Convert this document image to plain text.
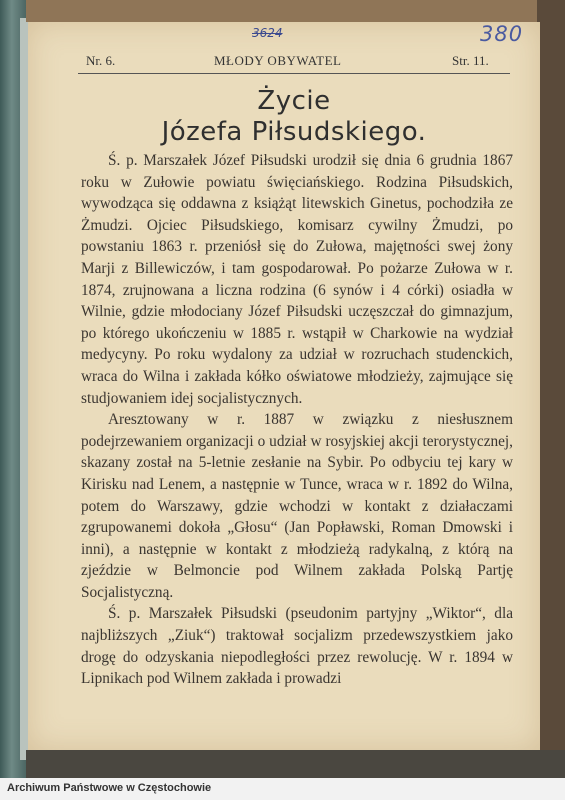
3624	380
Nr. 6.	MŁODY OBYWATEL	Str. 11.
Życie
Józefa Piłsudskiego.

Ś. p. Marszałek Józef Piłsudski urodził się dnia 6 grudnia 1867 roku w Zułowie powiatu święciańskiego. Rodzina Piłsudskich, wywodząca się oddawna z książąt litewskich Ginetus, pochodziła ze Żmudzi. Ojciec Piłsudskiego, komisarz cywilny Żmudzi, po powstaniu 1863 r. przeniósł się do Zułowa, majętności swej żony Marji z Billewiczów, i tam gospodarował. Po pożarze Zułowa w r. 1874, zrujnowana a liczna rodzina (6 synów i 4 córki) osiadła w Wilnie, gdzie młodociany Józef Piłsudski uczęszczał do gimnazjum, po którego ukończeniu w 1885 r. wstąpił w Charkowie na wydział medycyny. Po roku wydalony za udział w rozruchach studenckich, wraca do Wilna i zakłada kółko oświatowe młodzieży, zajmujące się studjowaniem idej socjalistycznych.

Aresztowany w r. 1887 w związku z niesłusznem podejrzewaniem organizacji o udział w rosyjskiej akcji terorystycznej, skazany został na 5-letnie zesłanie na Sybir. Po odbyciu tej kary w Kirisku nad Lenem, a następnie w Tunce, wraca w r. 1892 do Wilna, potem do Warszawy, gdzie wchodzi w kontakt z działaczami zgrupowanemi dokoła „Głosu“ (Jan Popławski, Roman Dmowski i inni), a następnie w kontakt z młodzieżą radykalną, z którą na zjeździe w Belmoncie pod Wilnem zakłada Polską Partję Socjalistyczną.

Ś. p. Marszałek Piłsudski (pseudonim partyjny „Wiktor“, dla najbliższych „Ziuk“) traktował socjalizm przedewszystkiem jako drogę do odzyskania niepodległości przez rewolucję. W r. 1894 w Lipnikach pod Wilnem zakłada i prowadzi

Archiwum Państwowe w Częstochowie
